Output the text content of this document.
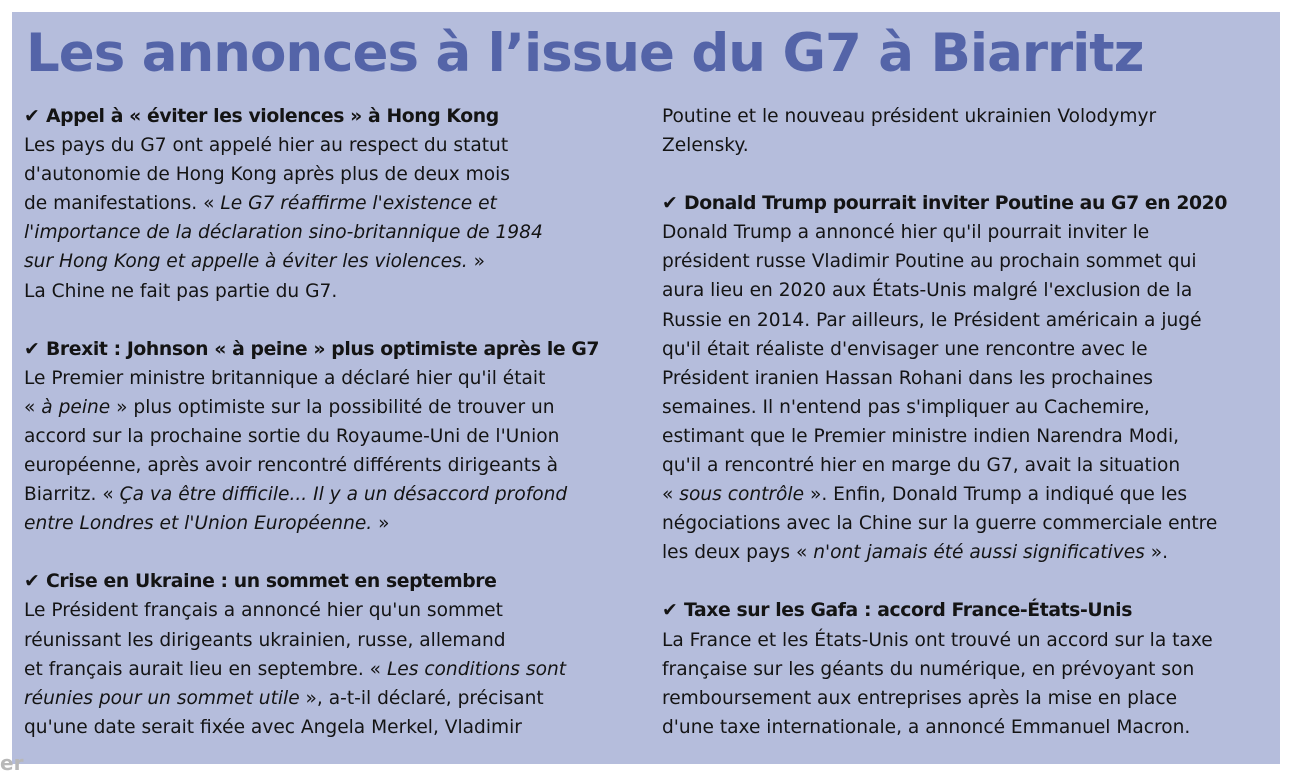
Les annonces à l’issue du G7 à Biarritz
✔ Appel à « éviter les violences » à Hong Kong
Les pays du G7 ont appelé hier au respect du statut
d'autonomie de Hong Kong après plus de deux mois
de manifestations. « Le G7 réaffirme l'existence et
l'importance de la déclaration sino-britannique de 1984
sur Hong Kong et appelle à éviter les violences. »
La Chine ne fait pas partie du G7.
✔ Brexit : Johnson « à peine » plus optimiste après le G7
Le Premier ministre britannique a déclaré hier qu'il était
« à peine » plus optimiste sur la possibilité de trouver un
accord sur la prochaine sortie du Royaume-Uni de l'Union
européenne, après avoir rencontré différents dirigeants à
Biarritz. « Ça va être difficile... Il y a un désaccord profond
entre Londres et l'Union Européenne. »
✔ Crise en Ukraine : un sommet en septembre
Le Président français a annoncé hier qu'un sommet
réunissant les dirigeants ukrainien, russe, allemand
et français aurait lieu en septembre. « Les conditions sont
réunies pour un sommet utile », a-t-il déclaré, précisant
qu'une date serait fixée avec Angela Merkel, Vladimir
Poutine et le nouveau président ukrainien Volodymyr
Zelensky.
✔ Donald Trump pourrait inviter Poutine au G7 en 2020
Donald Trump a annoncé hier qu'il pourrait inviter le
président russe Vladimir Poutine au prochain sommet qui
aura lieu en 2020 aux États-Unis malgré l'exclusion de la
Russie en 2014. Par ailleurs, le Président américain a jugé
qu'il était réaliste d'envisager une rencontre avec le
Président iranien Hassan Rohani dans les prochaines
semaines. Il n'entend pas s'impliquer au Cachemire,
estimant que le Premier ministre indien Narendra Modi,
qu'il a rencontré hier en marge du G7, avait la situation
« sous contrôle ». Enfin, Donald Trump a indiqué que les
négociations avec la Chine sur la guerre commerciale entre
les deux pays « n'ont jamais été aussi significatives ».
✔ Taxe sur les Gafa : accord France-États-Unis
La France et les États-Unis ont trouvé un accord sur la taxe
française sur les géants du numérique, en prévoyant son
remboursement aux entreprises après la mise en place
d'une taxe internationale, a annoncé Emmanuel Macron.
er
